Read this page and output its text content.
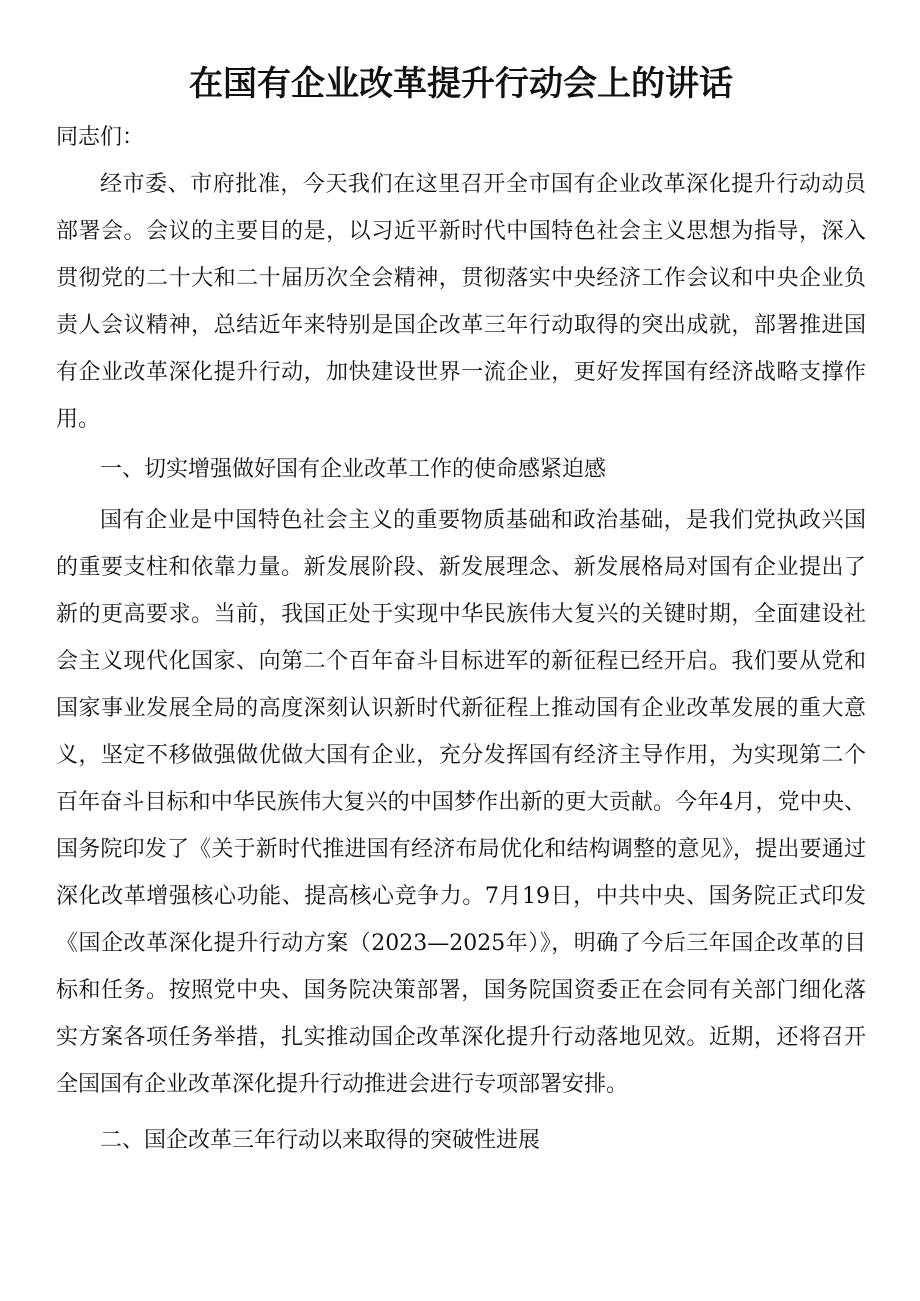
在国有企业改革提升行动会上的讲话

同志们：

经市委、市府批准，今天我们在这里召开全市国有企业改革深化提升行动动员部署会。会议的主要目的是，以习近平新时代中国特色社会主义思想为指导，深入贯彻党的二十大和二十届历次全会精神，贯彻落实中央经济工作会议和中央企业负责人会议精神，总结近年来特别是国企改革三年行动取得的突出成就，部署推进国有企业改革深化提升行动，加快建设世界一流企业，更好发挥国有经济战略支撑作用。

一、切实增强做好国有企业改革工作的使命感紧迫感

国有企业是中国特色社会主义的重要物质基础和政治基础，是我们党执政兴国的重要支柱和依靠力量。新发展阶段、新发展理念、新发展格局对国有企业提出了新的更高要求。当前，我国正处于实现中华民族伟大复兴的关键时期，全面建设社会主义现代化国家、向第二个百年奋斗目标进军的新征程已经开启。我们要从党和国家事业发展全局的高度深刻认识新时代新征程上推动国有企业改革发展的重大意义，坚定不移做强做优做大国有企业，充分发挥国有经济主导作用，为实现第二个百年奋斗目标和中华民族伟大复兴的中国梦作出新的更大贡献。今年4月，党中央、国务院印发了《关于新时代推进国有经济布局优化和结构调整的意见》，提出要通过深化改革增强核心功能、提高核心竞争力。7月19日，中共中央、国务院正式印发《国企改革深化提升行动方案（2023—2025年）》，明确了今后三年国企改革的目标和任务。按照党中央、国务院决策部署，国务院国资委正在会同有关部门细化落实方案各项任务举措，扎实推动国企改革深化提升行动落地见效。近期，还将召开全国国有企业改革深化提升行动推进会进行专项部署安排。

二、国企改革三年行动以来取得的突破性进展
